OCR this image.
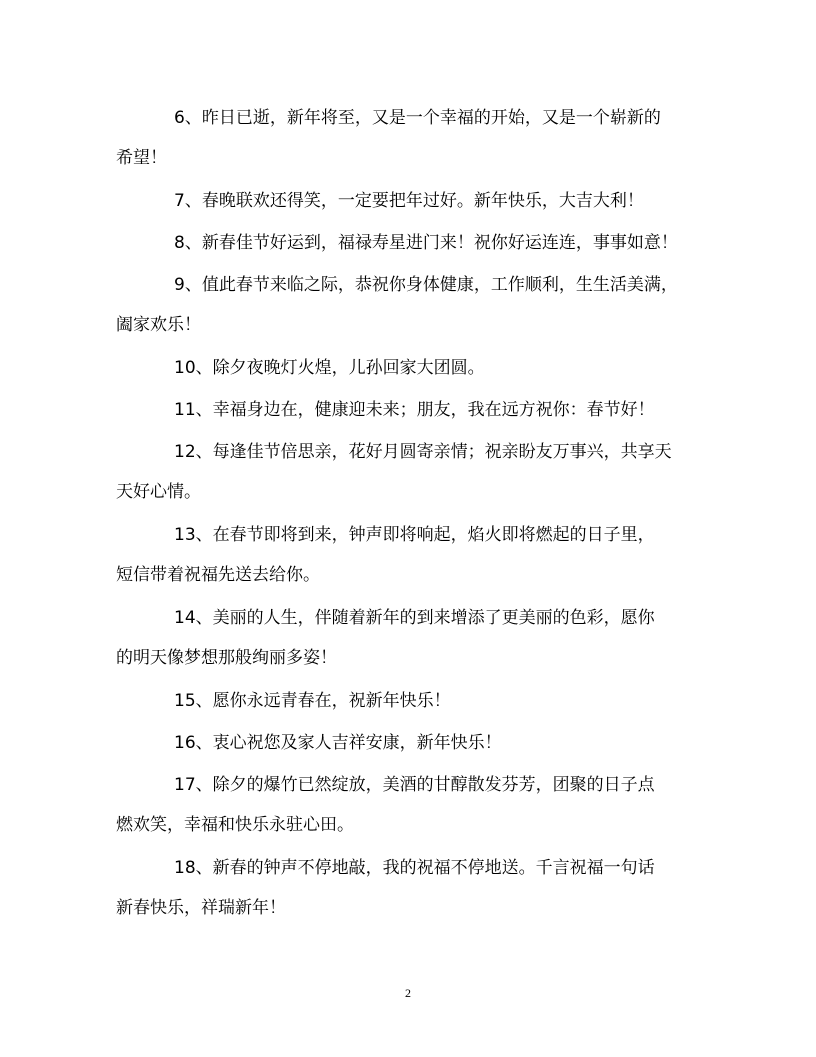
6、昨日已逝，新年将至，又是一个幸福的开始，又是一个崭新的
希望！

7、春晚联欢还得笑，一定要把年过好。新年快乐，大吉大利！

8、新春佳节好运到，福禄寿星进门来！祝你好运连连，事事如意！

9、值此春节来临之际，恭祝你身体健康，工作顺利，生生活美满，
阖家欢乐！

10、除夕夜晚灯火煌，儿孙回家大团圆。

11、幸福身边在，健康迎未来；朋友，我在远方祝你：春节好！

12、每逢佳节倍思亲，花好月圆寄亲情；祝亲盼友万事兴，共享天
天好心情。

13、在春节即将到来，钟声即将响起，焰火即将燃起的日子里，
短信带着祝福先送去给你。

14、美丽的人生，伴随着新年的到来增添了更美丽的色彩，愿你
的明天像梦想那般绚丽多姿！

15、愿你永远青春在，祝新年快乐！

16、衷心祝您及家人吉祥安康，新年快乐！

17、除夕的爆竹已然绽放，美酒的甘醇散发芬芳，团聚的日子点
燃欢笑，幸福和快乐永驻心田。

18、新春的钟声不停地敲，我的祝福不停地送。千言祝福一句话
新春快乐，祥瑞新年！

2
